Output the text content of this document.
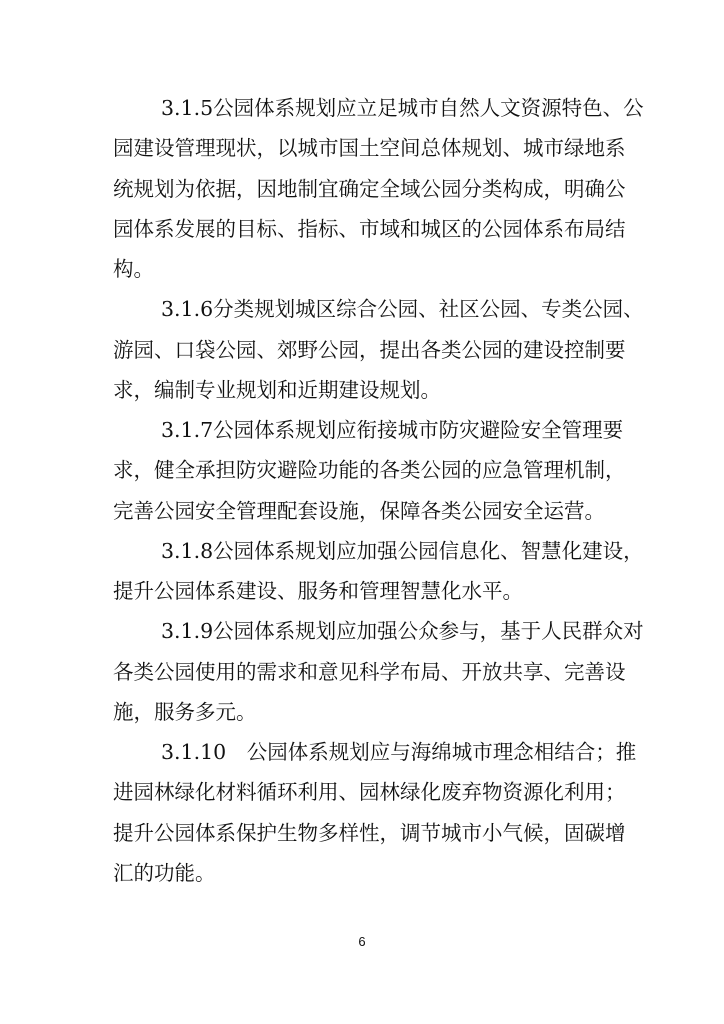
3.1.5公园体系规划应立足城市自然人文资源特色、公
园建设管理现状，以城市国土空间总体规划、城市绿地系
统规划为依据，因地制宜确定全域公园分类构成，明确公
园体系发展的目标、指标、市域和城区的公园体系布局结
构。
3.1.6分类规划城区综合公园、社区公园、专类公园、
游园、口袋公园、郊野公园，提出各类公园的建设控制要
求，编制专业规划和近期建设规划。
3.1.7公园体系规划应衔接城市防灾避险安全管理要
求，健全承担防灾避险功能的各类公园的应急管理机制，
完善公园安全管理配套设施，保障各类公园安全运营。
3.1.8公园体系规划应加强公园信息化、智慧化建设，
提升公园体系建设、服务和管理智慧化水平。
3.1.9公园体系规划应加强公众参与，基于人民群众对
各类公园使用的需求和意见科学布局、开放共享、完善设
施，服务多元。
3.1.10　公园体系规划应与海绵城市理念相结合；推
进园林绿化材料循环利用、园林绿化废弃物资源化利用；
提升公园体系保护生物多样性，调节城市小气候，固碳增
汇的功能。
6
